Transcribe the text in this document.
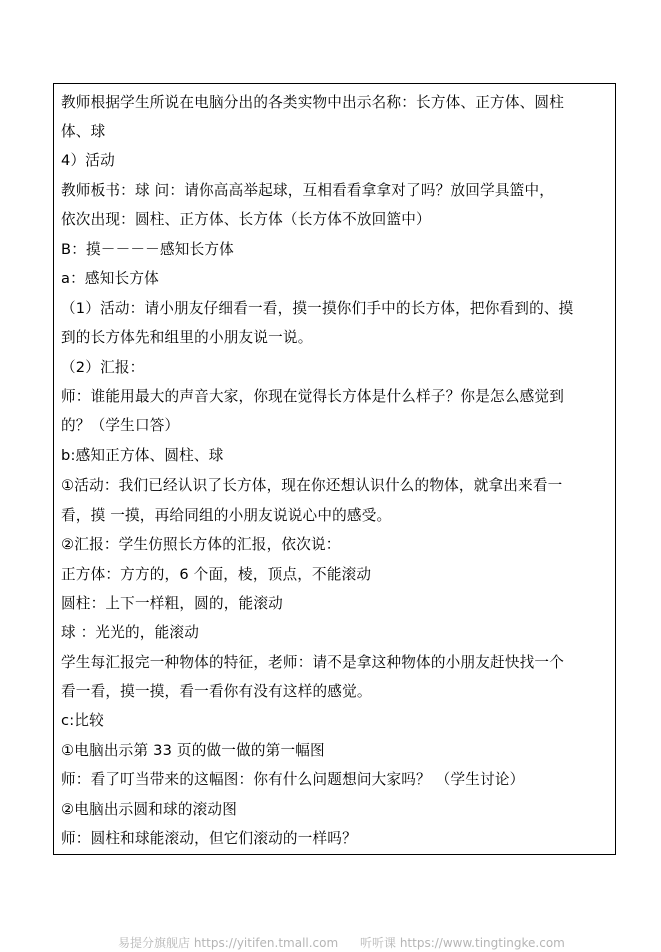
教师根据学生所说在电脑分出的各类实物中出示名称：长方体、正方体、圆柱
体、球
4）活动
教师板书：球 问：请你高高举起球，互相看看拿拿对了吗？放回学具篮中，
依次出现：圆柱、正方体、长方体（长方体不放回篮中）
B：摸－－－－感知长方体
a：感知长方体
（1）活动：请小朋友仔细看一看，摸一摸你们手中的长方体，把你看到的、摸
到的长方体先和组里的小朋友说一说。
（2）汇报：
师：谁能用最大的声音大家，你现在觉得长方体是什么样子？你是怎么感觉到
的？（学生口答）
b:感知正方体、圆柱、球
①活动：我们已经认识了长方体，现在你还想认识什么的物体，就拿出来看一
看，摸 一摸，再给同组的小朋友说说心中的感受。
②汇报：学生仿照长方体的汇报，依次说：
正方体：方方的，6 个面，棱，顶点，不能滚动
圆柱：上下一样粗，圆的，能滚动
球 ：光光的，能滚动
学生每汇报完一种物体的特征，老师：请不是拿这种物体的小朋友赶快找一个
看一看，摸一摸，看一看你有没有这样的感觉。
c:比较
①电脑出示第 33 页的做一做的第一幅图
师：看了叮当带来的这幅图：你有什么问题想问大家吗？ （学生讨论）
②电脑出示圆和球的滚动图
师：圆柱和球能滚动，但它们滚动的一样吗？
易提分旗舰店 https://yitifen.tmall.com 听听课 https://www.tingtingke.com
